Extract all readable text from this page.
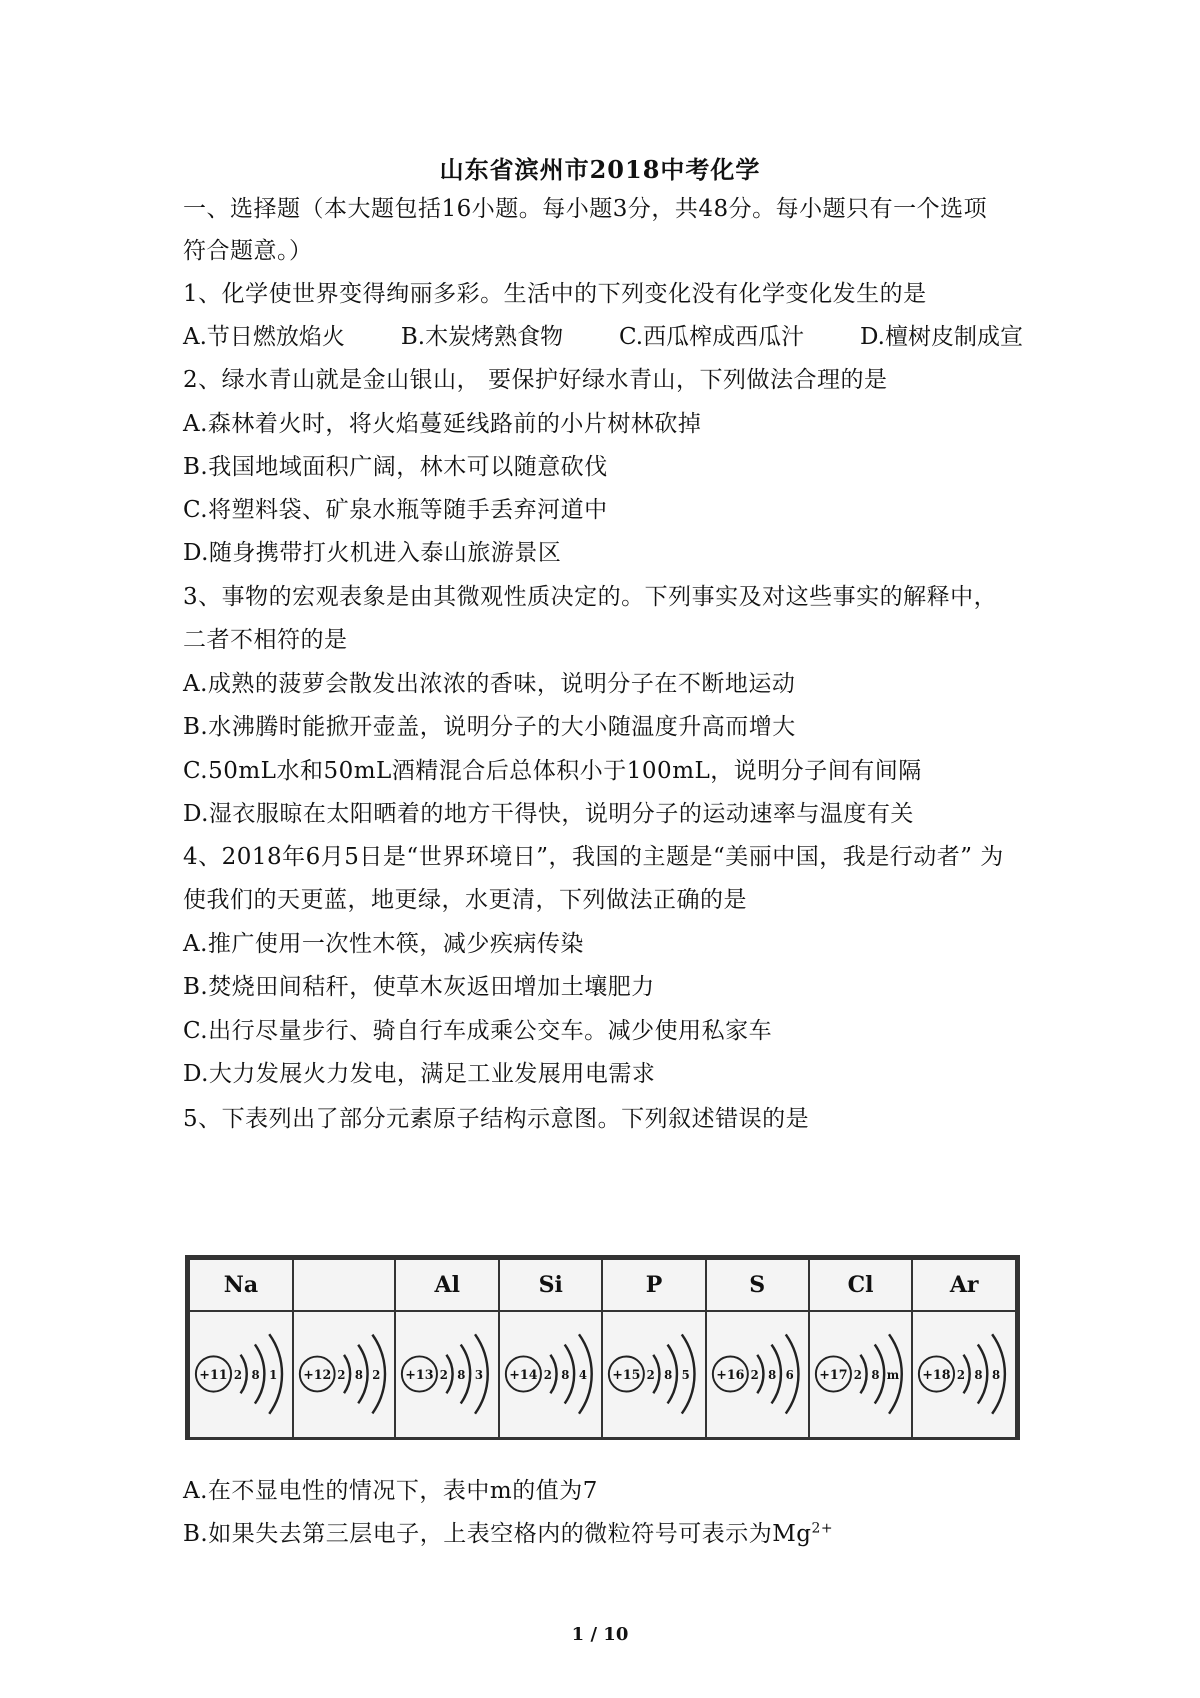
山东省滨州市2018中考化学
一、选择题（本大题包括16小题。每小题3分，共48分。每小题只有一个选项
符合题意。）
1、化学使世界变得绚丽多彩。生活中的下列变化没有化学变化发生的是
A.节日燃放焰火 B.木炭烤熟食物 C.西瓜榨成西瓜汁 D.檀树皮制成宣
2、绿水青山就是金山银山， 要保护好绿水青山，下列做法合理的是
A.森林着火时，将火焰蔓延线路前的小片树林砍掉
B.我国地域面积广阔，林木可以随意砍伐
C.将塑料袋、矿泉水瓶等随手丢弃河道中
D.随身携带打火机进入泰山旅游景区
3、事物的宏观表象是由其微观性质决定的。下列事实及对这些事实的解释中，
二者不相符的是
A.成熟的菠萝会散发出浓浓的香味，说明分子在不断地运动
B.水沸腾时能掀开壶盖，说明分子的大小随温度升高而增大
C.50mL水和50mL酒精混合后总体积小于100mL，说明分子间有间隔
D.湿衣服晾在太阳晒着的地方干得快，说明分子的运动速率与温度有关
4、2018年6月5日是“世界环境日”，我国的主题是“美丽中国，我是行动者” 为
使我们的天更蓝，地更绿，水更清，下列做法正确的是
A.推广使用一次性木筷，减少疾病传染
B.焚烧田间秸秆，使草木灰返田增加土壤肥力
C.出行尽量步行、骑自行车成乘公交车。减少使用私家车
D.大力发展火力发电，满足工业发展用电需求
5、下表列出了部分元素原子结构示意图。下列叙述错误的是
Na		Al	Si	P	S	Cl	Ar

+11 2 8 1	+12 2 8 2	+13 2 8 3	+14 2 8 4	+15 2 8 5	+16 2 8 6	+17 2 8 m	+18 2 8 8
A.在不显电性的情况下，表中m的值为7
B.如果失去第三层电子，上表空格内的微粒符号可表示为$Mg^{2+}$
1 / 10
